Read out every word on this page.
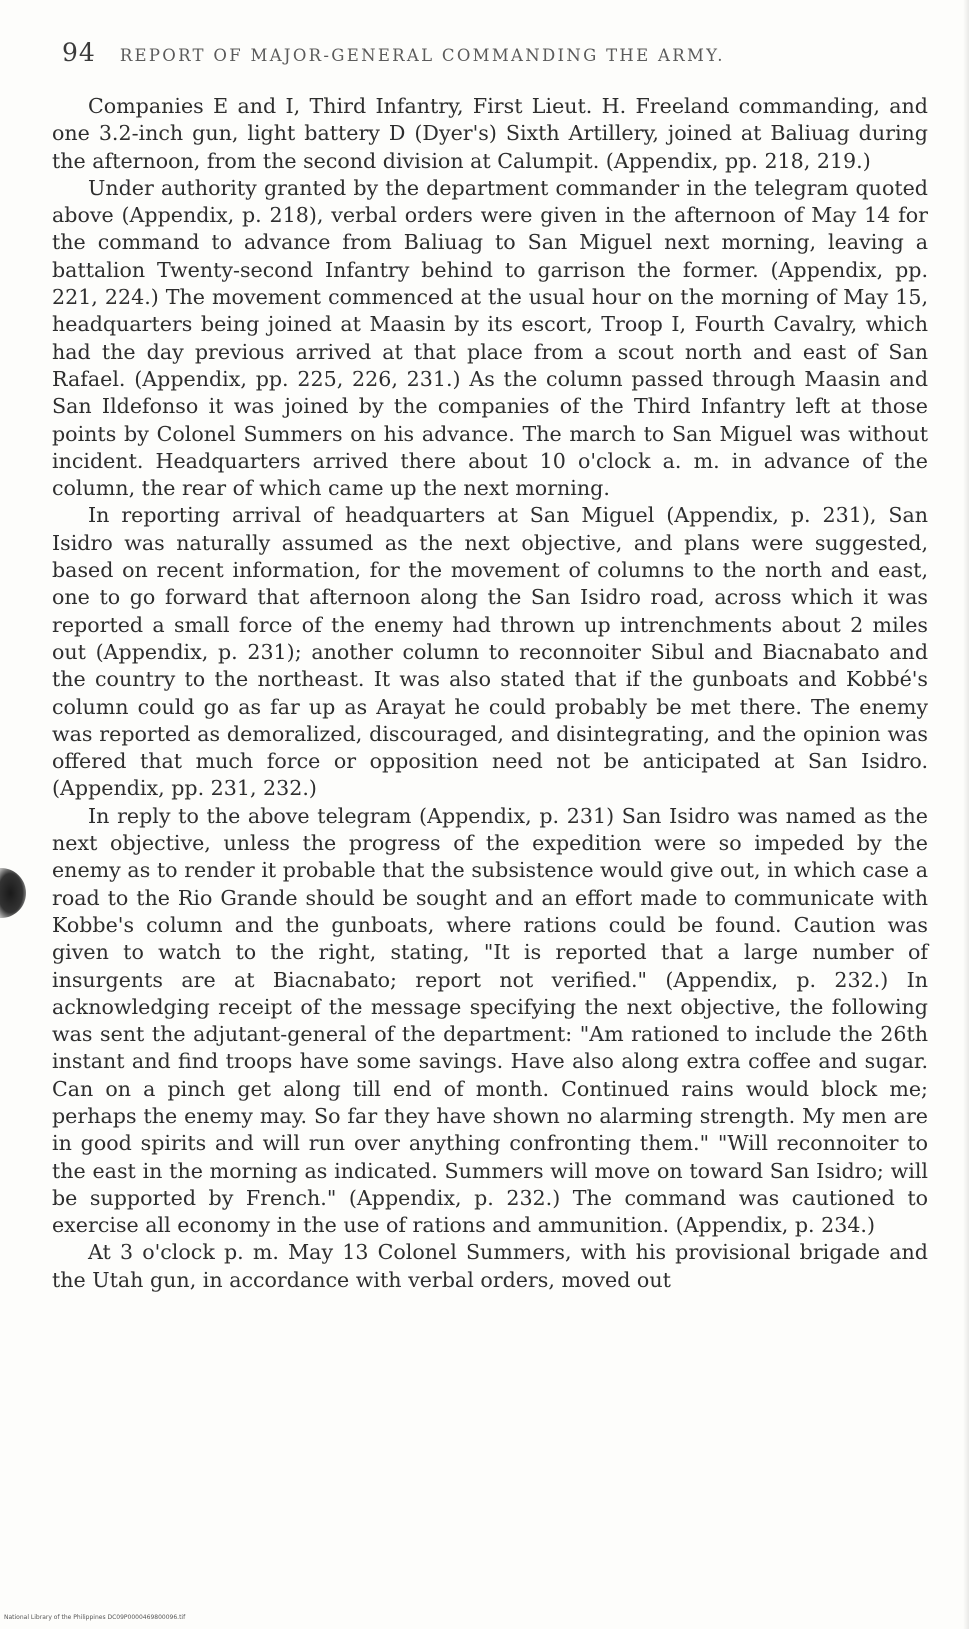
94 REPORT OF MAJOR-GENERAL COMMANDING THE ARMY.

Companies E and I, Third Infantry, First Lieut. H. Freeland commanding, and one 3.2-inch gun, light battery D (Dyer's) Sixth Artillery, joined at Baliuag during the afternoon, from the second division at Calumpit. (Appendix, pp. 218, 219.)

Under authority granted by the department commander in the telegram quoted above (Appendix, p. 218), verbal orders were given in the afternoon of May 14 for the command to advance from Baliuag to San Miguel next morning, leaving a battalion Twenty-second Infantry behind to garrison the former. (Appendix, pp. 221, 224.) The movement commenced at the usual hour on the morning of May 15, headquarters being joined at Maasin by its escort, Troop I, Fourth Cavalry, which had the day previous arrived at that place from a scout north and east of San Rafael. (Appendix, pp. 225, 226, 231.) As the column passed through Maasin and San Ildefonso it was joined by the companies of the Third Infantry left at those points by Colonel Summers on his advance. The march to San Miguel was without incident. Headquarters arrived there about 10 o'clock a. m. in advance of the column, the rear of which came up the next morning.

In reporting arrival of headquarters at San Miguel (Appendix, p. 231), San Isidro was naturally assumed as the next objective, and plans were suggested, based on recent information, for the movement of columns to the north and east, one to go forward that afternoon along the San Isidro road, across which it was reported a small force of the enemy had thrown up intrenchments about 2 miles out (Appendix, p. 231); another column to reconnoiter Sibul and Biacnabato and the country to the northeast. It was also stated that if the gunboats and Kobbé's column could go as far up as Arayat he could probably be met there. The enemy was reported as demoralized, discouraged, and disintegrating, and the opinion was offered that much force or opposition need not be anticipated at San Isidro. (Appendix, pp. 231, 232.)

In reply to the above telegram (Appendix, p. 231) San Isidro was named as the next objective, unless the progress of the expedition were so impeded by the enemy as to render it probable that the subsistence would give out, in which case a road to the Rio Grande should be sought and an effort made to communicate with Kobbe's column and the gunboats, where rations could be found. Caution was given to watch to the right, stating, "It is reported that a large number of insurgents are at Biacnabato; report not verified." (Appendix, p. 232.) In acknowledging receipt of the message specifying the next objective, the following was sent the adjutant-general of the department: "Am rationed to include the 26th instant and find troops have some savings. Have also along extra coffee and sugar. Can on a pinch get along till end of month. Continued rains would block me; perhaps the enemy may. So far they have shown no alarming strength. My men are in good spirits and will run over anything confronting them." "Will reconnoiter to the east in the morning as indicated. Summers will move on toward San Isidro; will be supported by French." (Appendix, p. 232.) The command was cautioned to exercise all economy in the use of rations and ammunition. (Appendix, p. 234.)

At 3 o'clock p. m. May 13 Colonel Summers, with his provisional brigade and the Utah gun, in accordance with verbal orders, moved out

National Library of the Philippines DC09P0000469800096.tif
